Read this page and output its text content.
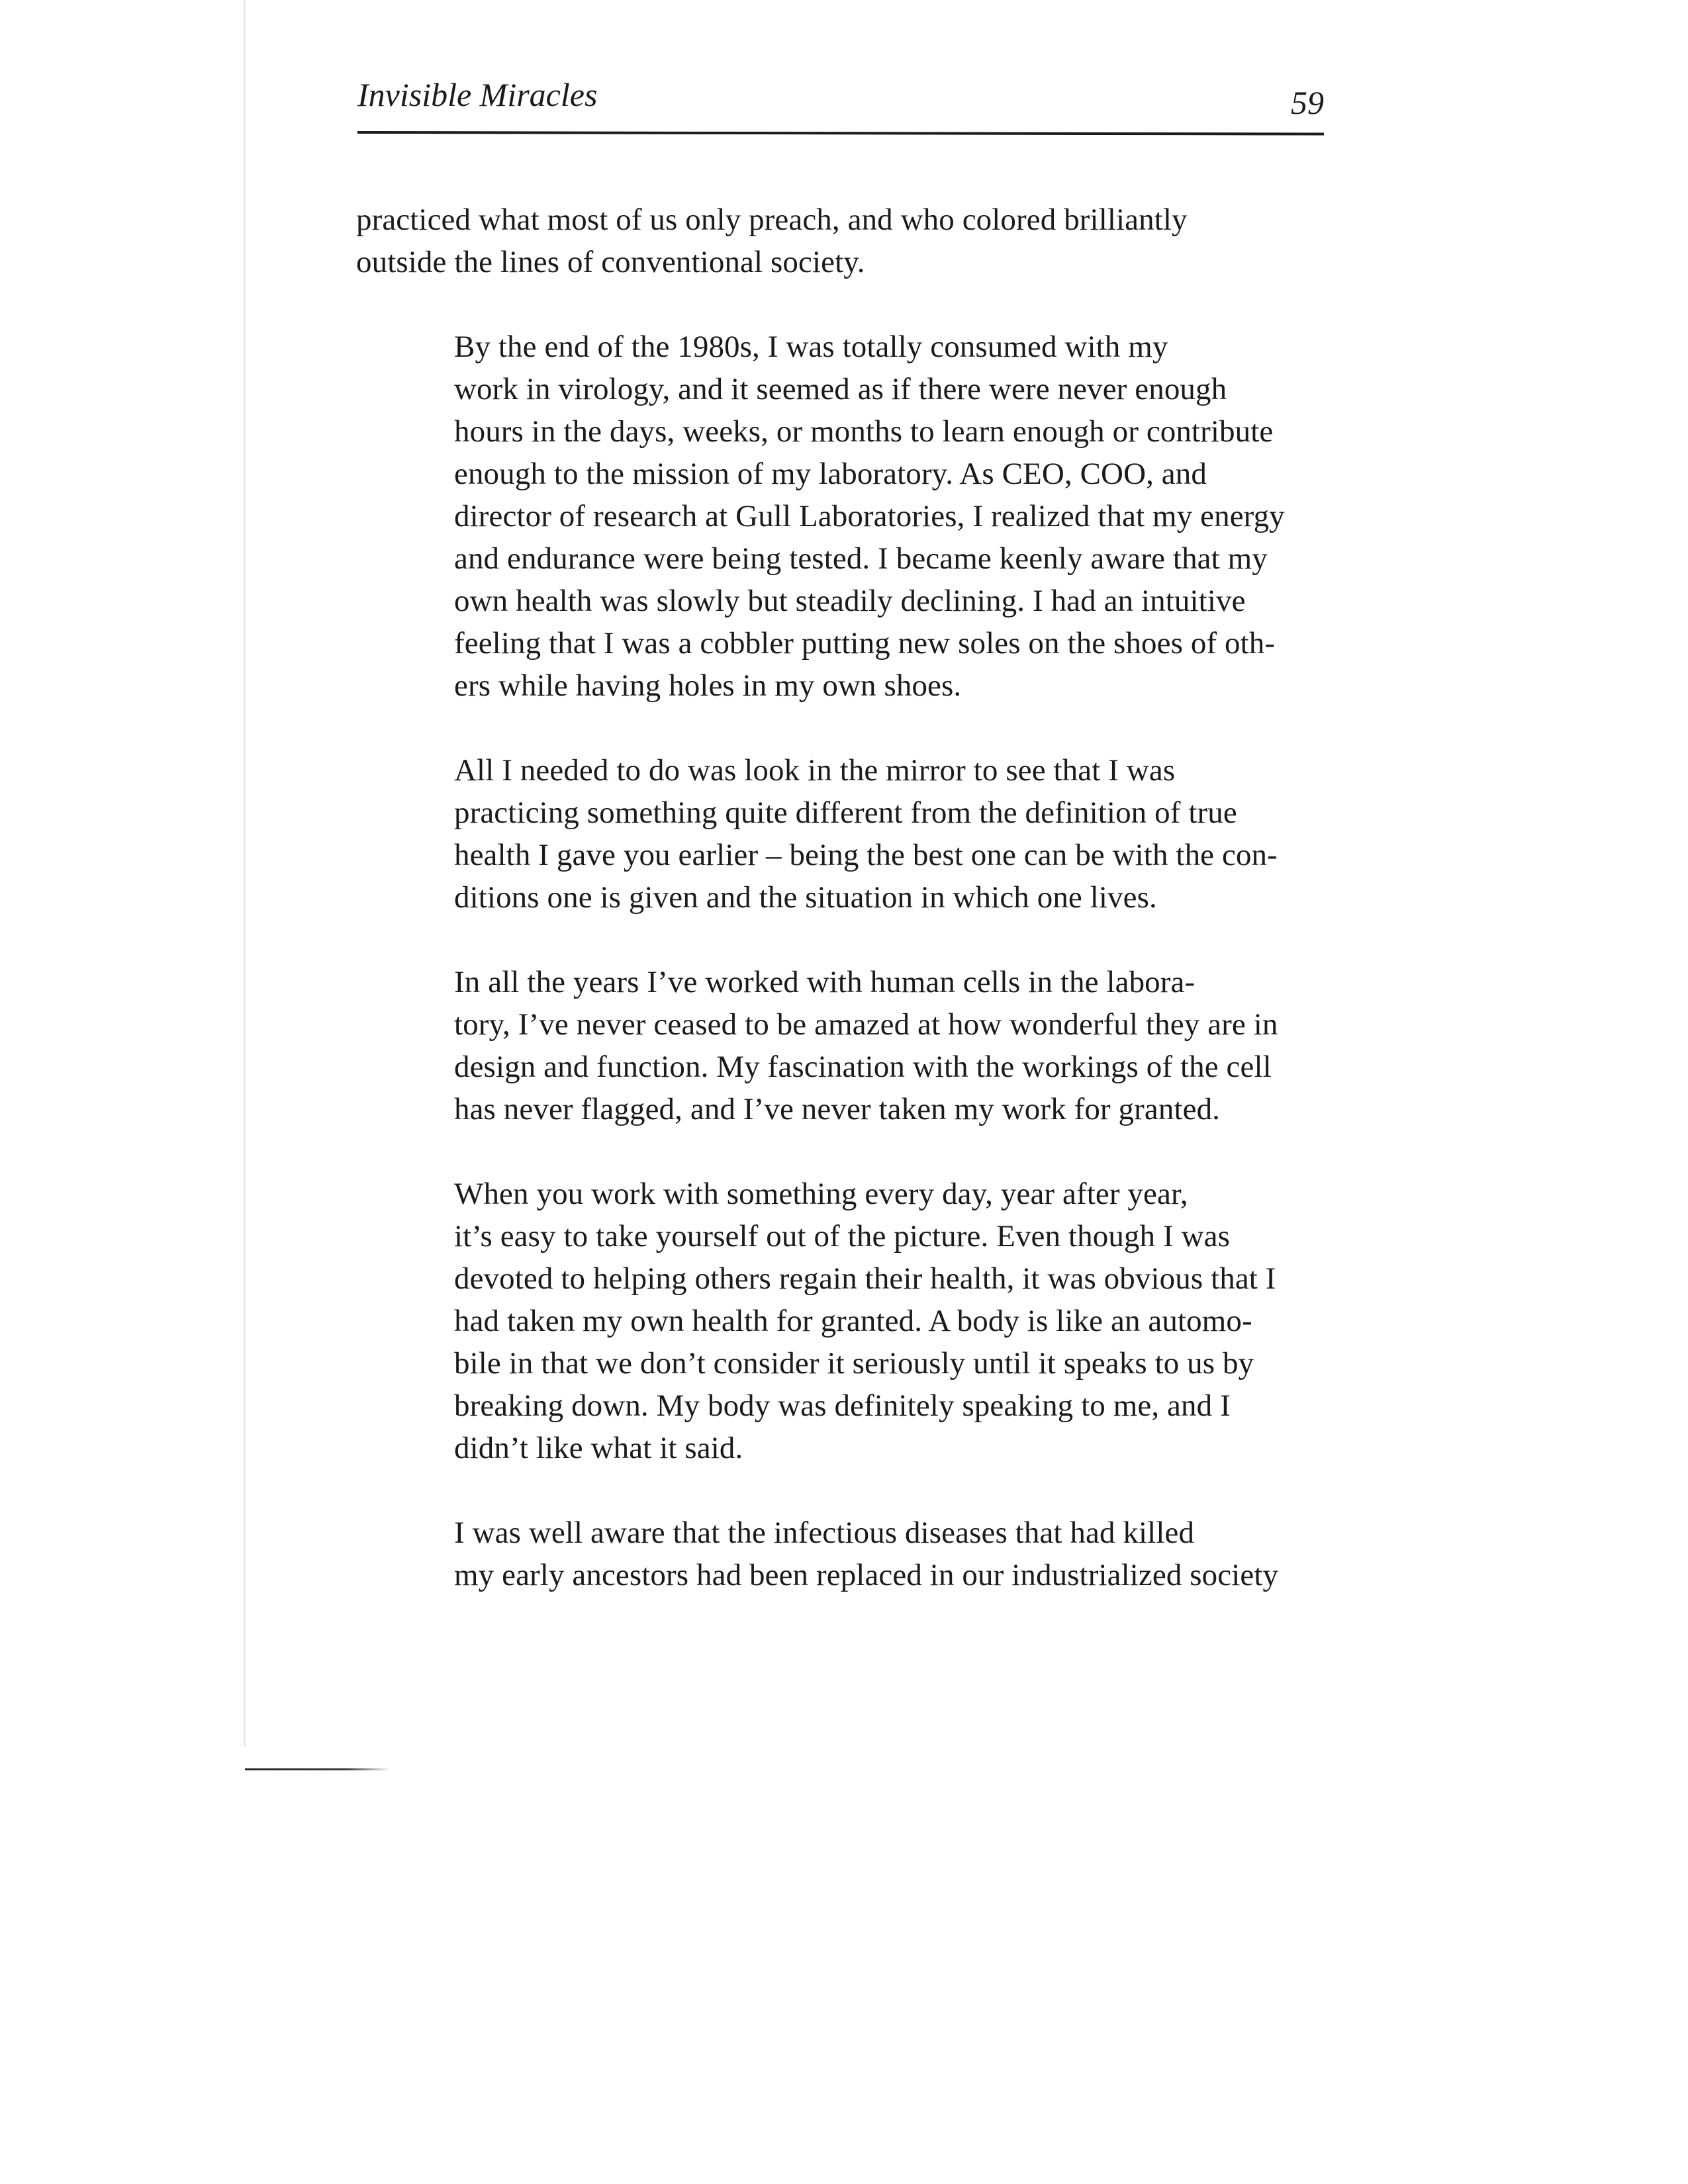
Invisible Miracles	59

practiced what most of us only preach, and who colored brilliantly
outside the lines of conventional society.

By the end of the 1980s, I was totally consumed with my
work in virology, and it seemed as if there were never enough
hours in the days, weeks, or months to learn enough or contribute
enough to the mission of my laboratory. As CEO, COO, and
director of research at Gull Laboratories, I realized that my energy
and endurance were being tested. I became keenly aware that my
own health was slowly but steadily declining. I had an intuitive
feeling that I was a cobbler putting new soles on the shoes of oth-
ers while having holes in my own shoes.

All I needed to do was look in the mirror to see that I was
practicing something quite different from the definition of true
health I gave you earlier – being the best one can be with the con-
ditions one is given and the situation in which one lives.

In all the years I’ve worked with human cells in the labora-
tory, I’ve never ceased to be amazed at how wonderful they are in
design and function. My fascination with the workings of the cell
has never flagged, and I’ve never taken my work for granted.

When you work with something every day, year after year,
it’s easy to take yourself out of the picture. Even though I was
devoted to helping others regain their health, it was obvious that I
had taken my own health for granted. A body is like an automo-
bile in that we don’t consider it seriously until it speaks to us by
breaking down. My body was definitely speaking to me, and I
didn’t like what it said.

I was well aware that the infectious diseases that had killed
my early ancestors had been replaced in our industrialized society
